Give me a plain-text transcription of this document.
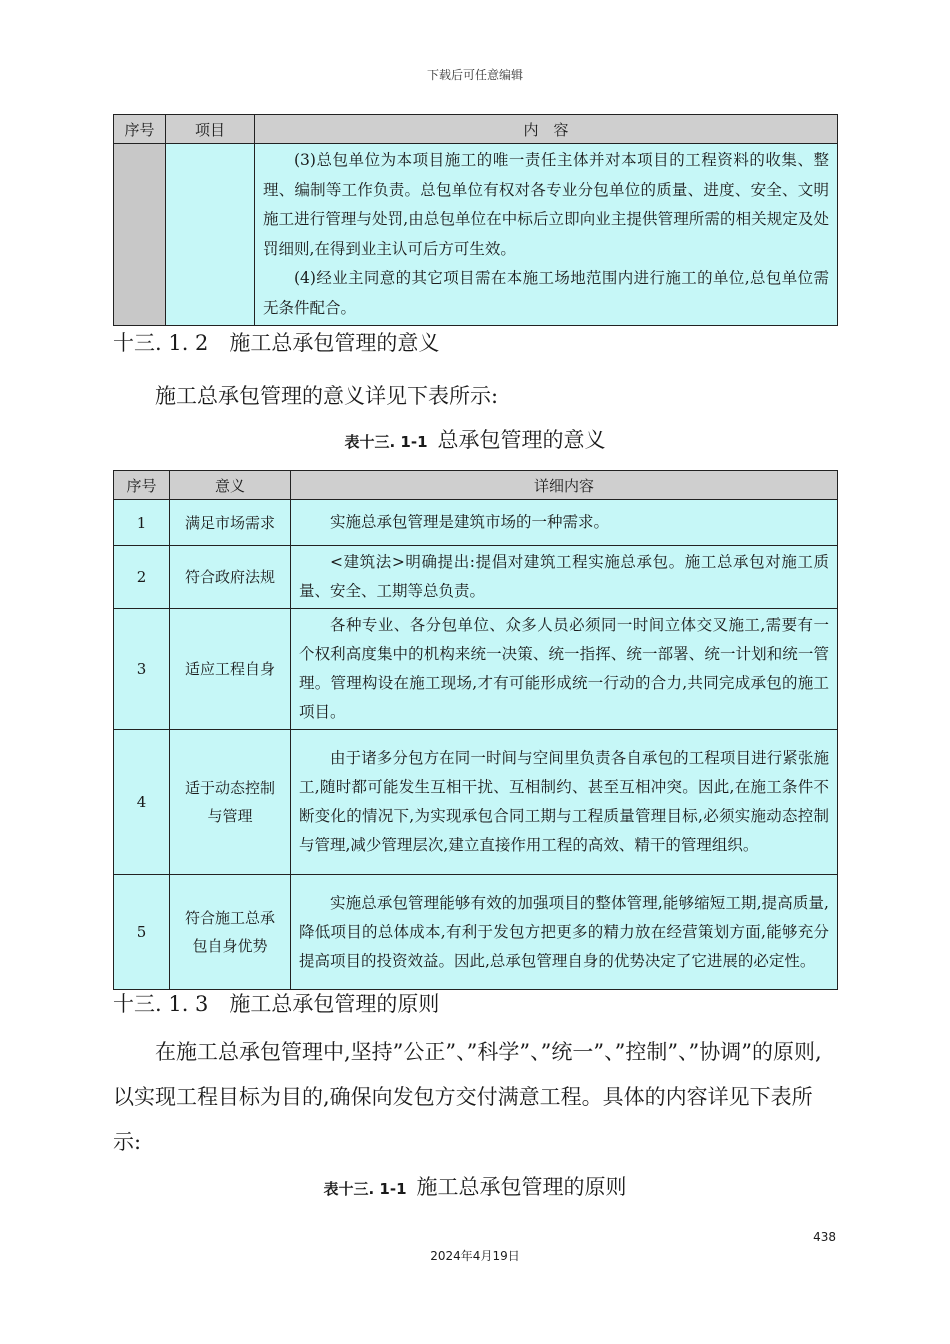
下载后可任意编辑
序号	项目	内　容

		(3)总包单位为本项目施工的唯一责任主体并对本项目的工程资料的收集、整理、编制等工作负责。总包单位有权对各专业分包单位的质量、进度、安全、文明施工进行管理与处罚,由总包单位在中标后立即向业主提供管理所需的相关规定及处罚细则,在得到业主认可后方可生效。

(4)经业主同意的其它项目需在本施工场地范围内进行施工的单位,总包单位需无条件配合。

十三. 1. 2　施工总承包管理的意义
施工总承包管理的意义详见下表所示:
表十三. 1-1 总承包管理的意义
序号	意义	详细内容
1	满足市场需求	实施总承包管理是建筑市场的一种需求。

2	符合政府法规	<建筑法>明确提出:提倡对建筑工程实施总承包。施工总承包对施工质量、安全、工期等总负责。

3	适应工程自身	各种专业、各分包单位、众多人员必须同一时间立体交叉施工,需要有一个权利高度集中的机构来统一决策、统一指挥、统一部署、统一计划和统一管理。管理构设在施工现场,才有可能形成统一行动的合力,共同完成承包的施工项目。

4	适于动态控制与管理	由于诸多分包方在同一时间与空间里负责各自承包的工程项目进行紧张施工,随时都可能发生互相干扰、互相制约、甚至互相冲突。因此,在施工条件不断变化的情况下,为实现承包合同工期与工程质量管理目标,必须实施动态控制与管理,减少管理层次,建立直接作用工程的高效、精干的管理组织。

5	符合施工总承包自身优势	实施总承包管理能够有效的加强项目的整体管理,能够缩短工期,提高质量,降低项目的总体成本,有利于发包方把更多的精力放在经营策划方面,能够充分提高项目的投资效益。因此,总承包管理自身的优势决定了它进展的必定性。

十三. 1. 3　施工总承包管理的原则
在施工总承包管理中,坚持”公正”、”科学”、”统一”、”控制”、”协调”的原则,以实现工程目标为目的,确保向发包方交付满意工程。具体的内容详见下表所示:
表十三. 1-1 施工总承包管理的原则
438
2024年4月19日
